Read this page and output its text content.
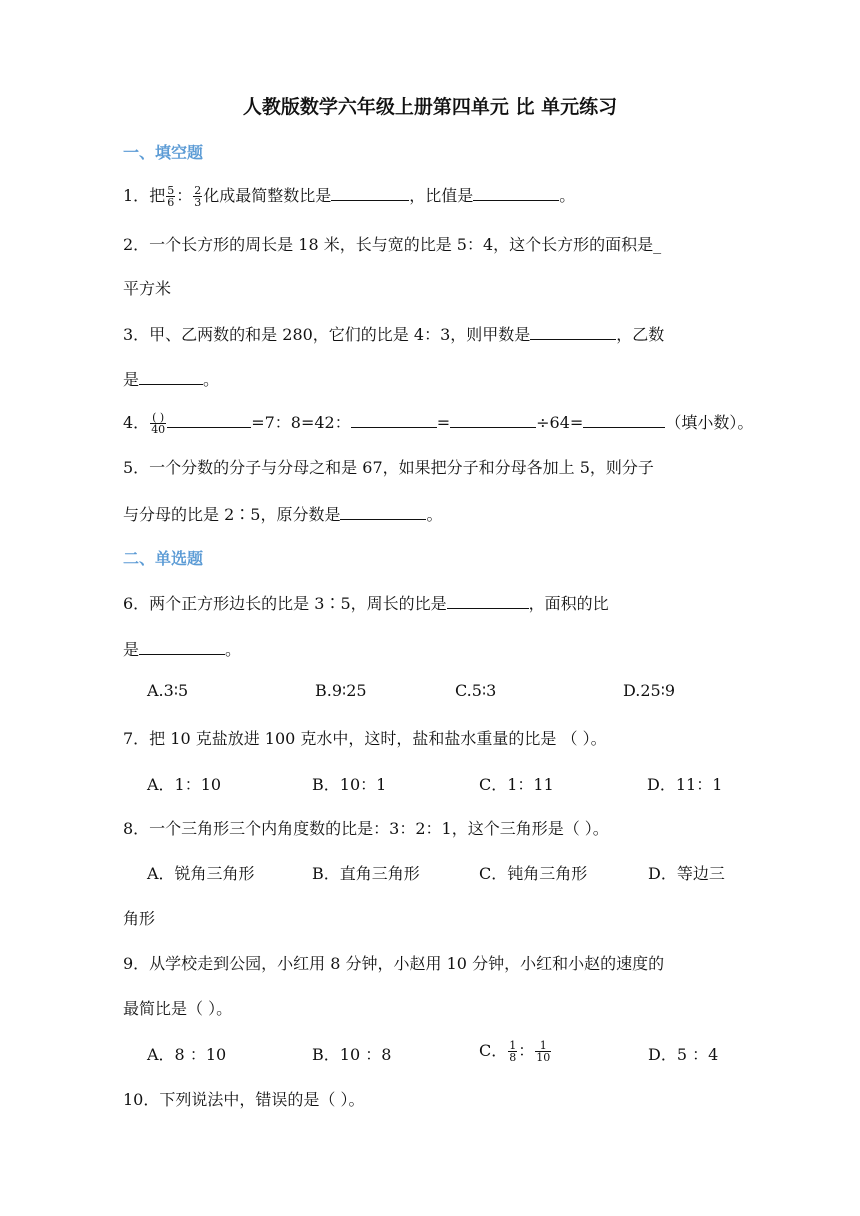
人教版数学六年级上册第四单元 比 单元练习
一、填空题
1．把 $\frac{5}{6}$ ： $\frac{2}{3}$ 化成最简整数比是	，比值是	。
2．一个长方形的周长是 18 米，长与宽的比是 5：4，这个长方形的面积是_
平方米
3．甲、乙两数的和是 280，它们的比是 4：3，则甲数是	，乙数
是	。
4． $\frac{( )}{40}$	=7：8=42：	=	÷64=	（填小数）。
5．一个分数的分子与分母之和是 67，如果把分子和分母各加上 5，则分子
与分母的比是 2∶5，原分数是	。
二、单选题
6．两个正方形边长的比是 3∶5，周长的比是	，面积的比
是	。
A.3∶5	B.9∶25	C.5∶3	D.25∶9
7．把 10 克盐放进 100 克水中，这时，盐和盐水重量的比是 （ ）。
A．1：10	B．10：1	C．1：11	D．11：1
8．一个三角形三个内角度数的比是：3：2：1，这个三角形是（ ）。
A．锐角三角形	B．直角三角形	C．钝角三角形	D．等边三
角形
9．从学校走到公园，小红用 8 分钟，小赵用 10 分钟，小红和小赵的速度的
最简比是（ ）。
A．8 ：10	B．10 ：8	C． $\frac{1}{8}$ ： $\frac{1}{10}$	D．5 ：4
10．下列说法中，错误的是（ ）。
